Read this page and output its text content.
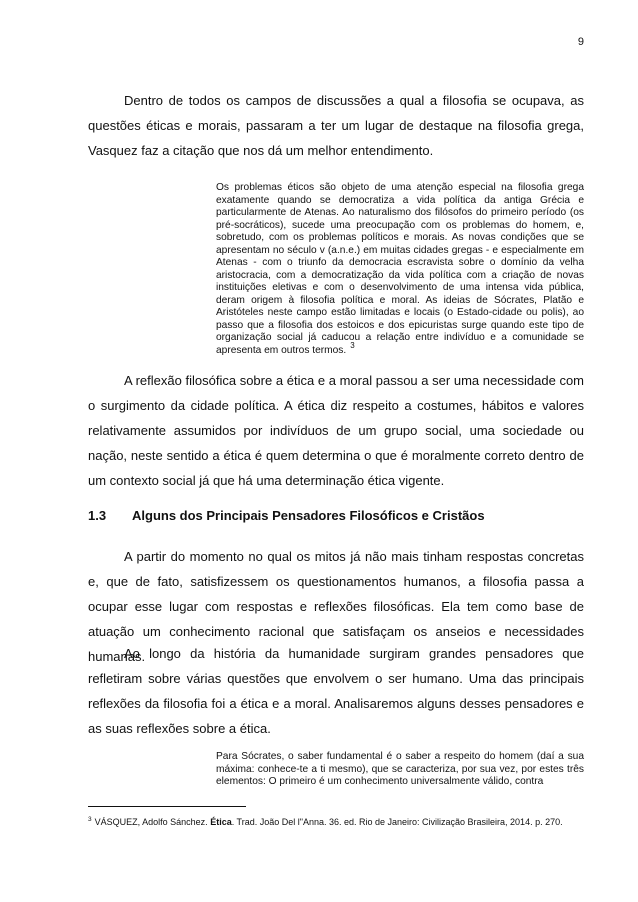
9

Dentro de todos os campos de discussões a qual a filosofia se ocupava, as questões éticas e morais, passaram a ter um lugar de destaque na filosofia grega, Vasquez faz a citação que nos dá um melhor entendimento.

Os problemas éticos são objeto de uma atenção especial na filosofia grega exatamente quando se democratiza a vida política da antiga Grécia e particularmente de Atenas. Ao naturalismo dos filósofos do primeiro período (os pré-socráticos), sucede uma preocupação com os problemas do homem, e, sobretudo, com os problemas políticos e morais. As novas condições que se apresentam no século v (a.n.e.) em muitas cidades gregas - e especialmente em Atenas - com o triunfo da democracia escravista sobre o domínio da velha aristocracia, com a democratização da vida política com a criação de novas instituições eletivas e com o desenvolvimento de uma intensa vida pública, deram origem à filosofia política e moral. As ideias de Sócrates, Platão e Aristóteles neste campo estão limitadas e locais (o Estado-cidade ou polis), ao passo que a filosofia dos estoicos e dos epicuristas surge quando este tipo de organização social já caducou a relação entre indivíduo e a comunidade se apresenta em outros termos. $^3$

A reflexão filosófica sobre a ética e a moral passou a ser uma necessidade com o surgimento da cidade política. A ética diz respeito a costumes, hábitos e valores relativamente assumidos por indivíduos de um grupo social, uma sociedade ou nação, neste sentido a ética é quem determina o que é moralmente correto dentro de um contexto social já que há uma determinação ética vigente.

1.3 Alguns dos Principais Pensadores Filosóficos e Cristãos

A partir do momento no qual os mitos já não mais tinham respostas concretas e, que de fato, satisfizessem os questionamentos humanos, a filosofia passa a ocupar esse lugar com respostas e reflexões filosóficas. Ela tem como base de atuação um conhecimento racional que satisfaçam os anseios e necessidades humanas.

Ao longo da história da humanidade surgiram grandes pensadores que refletiram sobre várias questões que envolvem o ser humano. Uma das principais reflexões da filosofia foi a ética e a moral. Analisaremos alguns desses pensadores e as suas reflexões sobre a ética.

Para Sócrates, o saber fundamental é o saber a respeito do homem (daí a sua máxima: conhece-te a ti mesmo), que se caracteriza, por sua vez, por estes três elementos: O primeiro é um conhecimento universalmente válido, contra

$^3$ VÁSQUEZ, Adolfo Sánchez. Ética. Trad. João Del l"Anna. 36. ed. Rio de Janeiro: Civilização Brasileira, 2014. p. 270.
